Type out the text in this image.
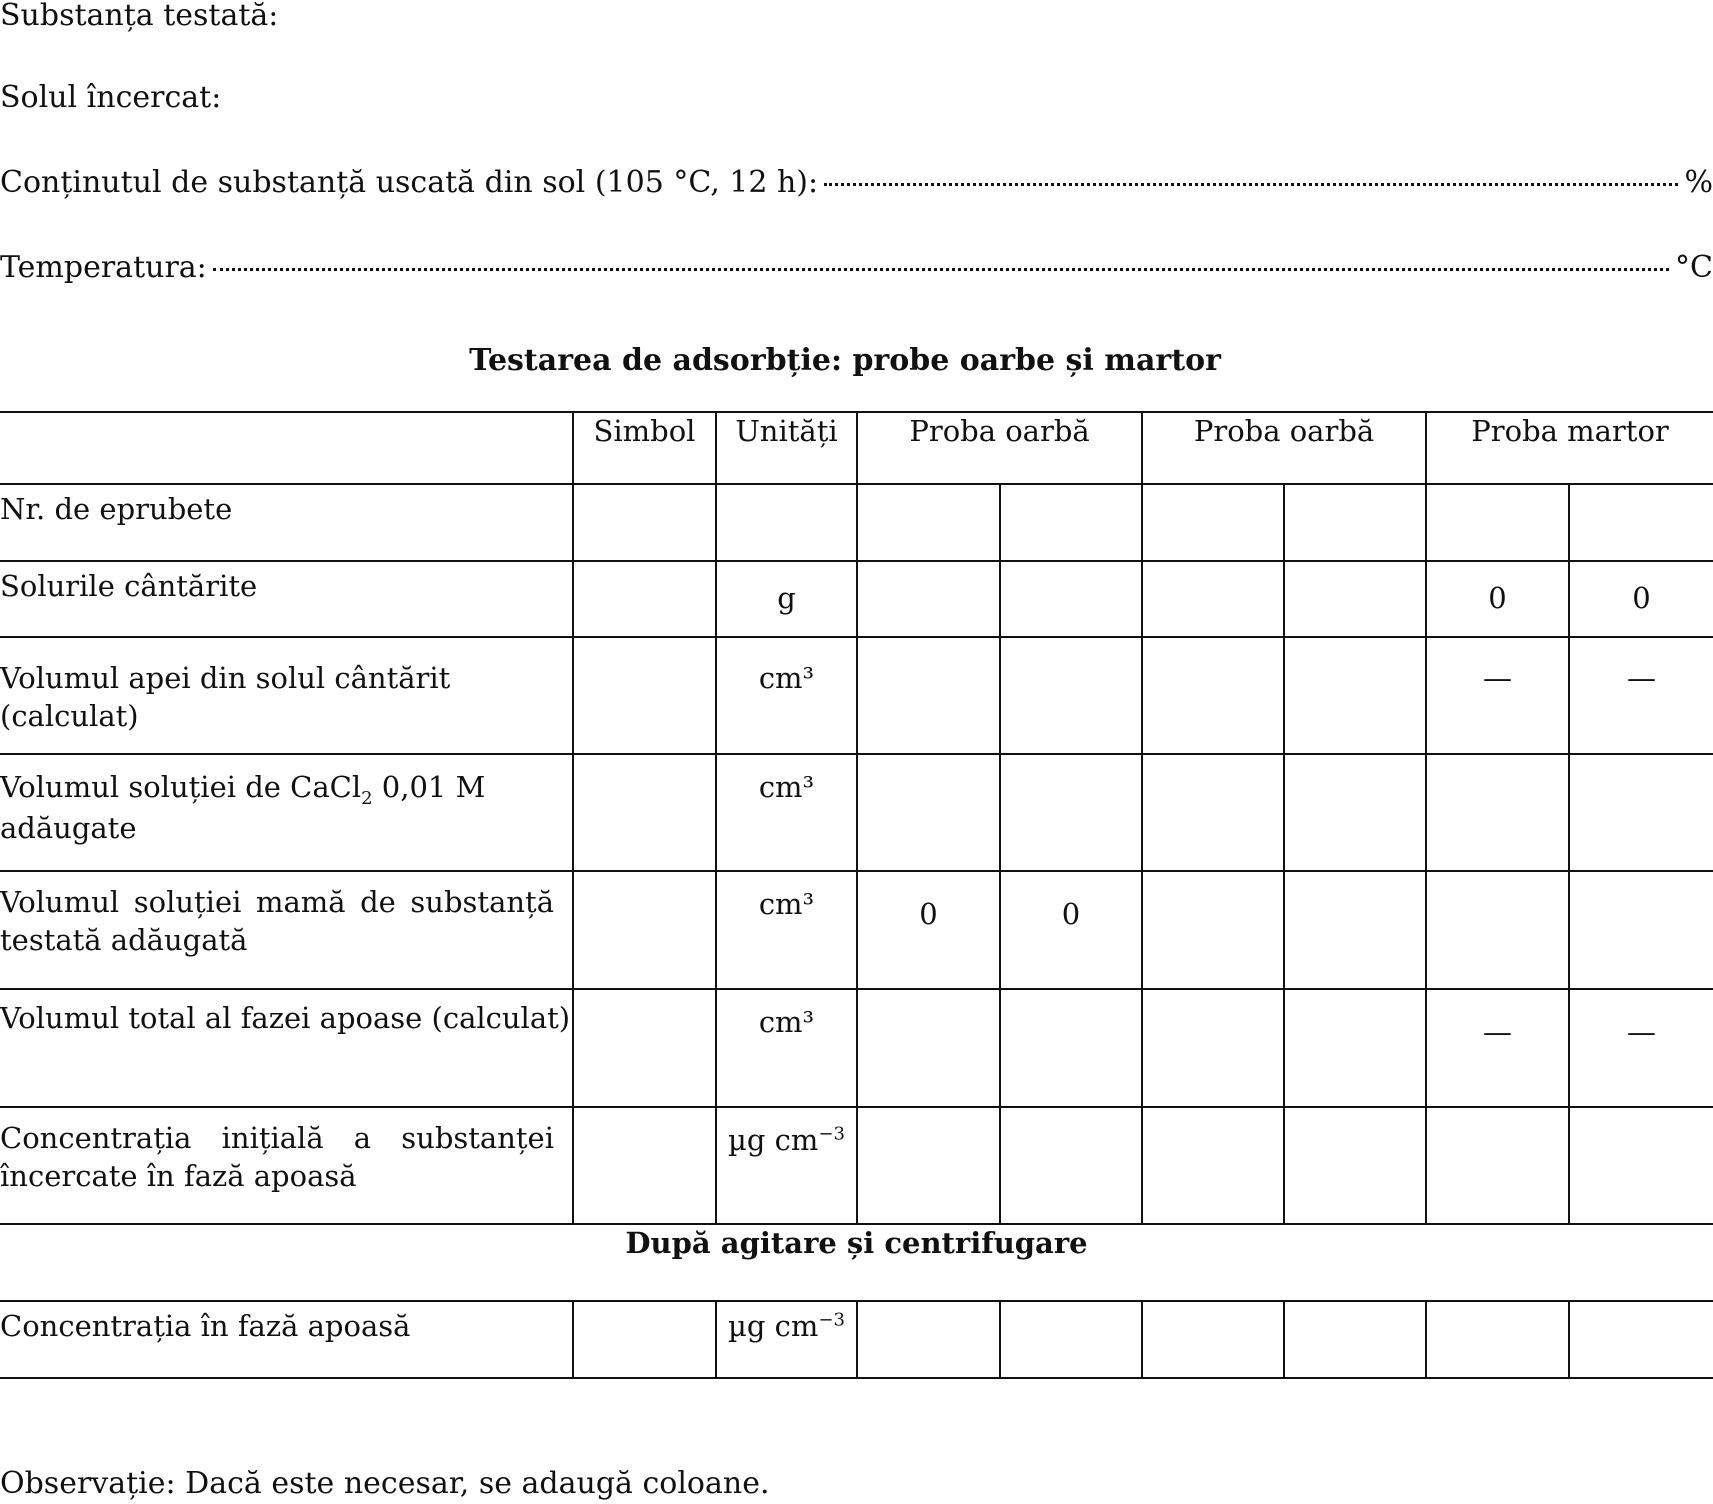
Substanța testată:
Solul încercat:
Conținutul de substanță uscată din sol (105 °C, 12 h):	%
Temperatura:	°C
Testarea de adsorbție: probe oarbe și martor
	Simbol	Unități	Proba oarbă		Proba oarbă		Proba martor	
Nr. de eprubete								
Solurile cântărite		g					0	0
Volumul apei din solul cântărit (calculat)		cm³					—	—
Volumul soluției de CaCl$_2$ 0,01 M adăugate		cm³						
Volumul soluției mamă de substanță testată adăugată		cm³	0	0				
Volumul total al fazei apoase (calculat)		cm³					—	—
Concentrația inițială a substanței încercate în fază apoasă		µg $cm^{-3}$						
După agitare și centrifugare								
Concentrația în fază apoasă		µg $cm^{-3}$						
Observație: Dacă este necesar, se adaugă coloane.
